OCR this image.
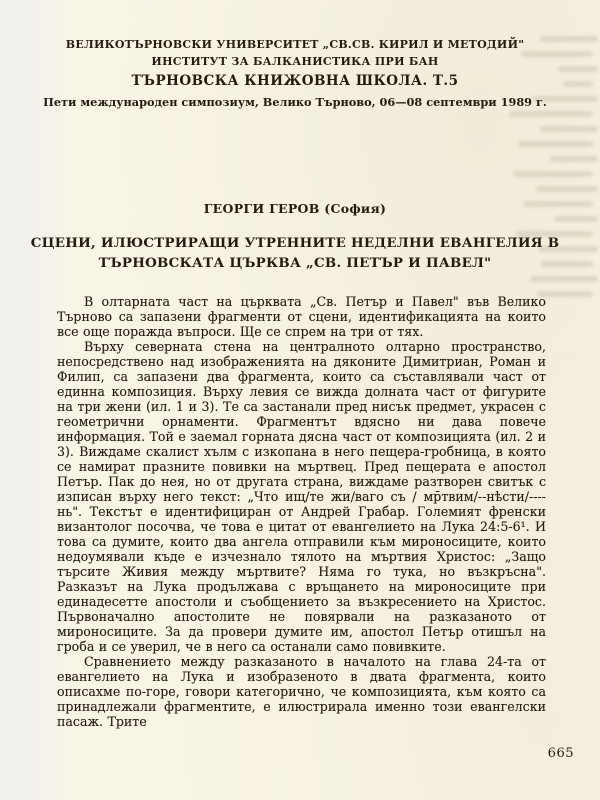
ВЕЛИКОТЪРНОВСКИ УНИВЕРСИТЕТ „СВ.СВ. КИРИЛ И МЕТОДИЙ"
ИНСТИТУТ ЗА БАЛКАНИСТИКА ПРИ БАН
ТЪРНОВСКА КНИЖОВНА ШКОЛА. Т.5
Пети международен симпозиум, Велико Търново, 06—08 септември 1989 г.
ГЕОРГИ ГЕРОВ (София)
СЦЕНИ, ИЛЮСТРИРАЩИ УТРЕННИТЕ НЕДЕЛНИ ЕВАНГЕЛИЯ В
ТЪРНОВСКАТА ЦЪРКВА „СВ. ПЕТЪР И ПАВЕЛ"

В олтарната част на църквата „Св. Петър и Павел" във Велико Търново са запазени фрагменти от сцени, идентификацията на които все още поражда въпроси. Ще се спрем на три от тях.

Върху северната стена на централното олтарно пространство, непосредствено над изображенията на дяконите Димитриан, Роман и Филип, са запазени два фрагмента, които са съставлявали част от единна композиция. Върху левия се вижда долната част от фигурите на три жени (ил. 1 и 3). Те са застанали пред нисък предмет, украсен с геометрични орнаменти. Фрагментът вдясно ни дава повече информация. Той е заемал горната дясна част от композицията (ил. 2 и 3). Виждаме скалист хълм с изкопана в него пещера-гробница, в която се намират празните повивки на мъртвец. Пред пещерата е апостол Петър. Пак до нея, но от другата страна, виждаме разтворен свитък с изписан върху него текст: „Что ищ/те жи/ваго съ / мр̄твим/--нѣсти/----нь". Текстът е идентифициран от Андрей Грабар. Големият френски византолог посочва, че това е цитат от евангелието на Лука 24:5-6¹. И това са думите, които два ангела отправили към мироносиците, които недоумявали къде е изчезнало тялото на мъртвия Христос: „Защо търсите Живия между мъртвите? Няма го тука, но възкръсна". Разказът на Лука продължава с връщането на мироносиците при единадесетте апостоли и съобщението за възкресението на Христос. Първоначално апостолите не повярвали на разказаното от мироносиците. За да провери думите им, апостол Петър отишъл на гроба и се уверил, че в него са останали само повивките.

Сравнението между разказаното в началото на глава 24-та от евангелието на Лука и изобразеното в двата фрагмента, които описахме по-горе, говори категорично, че композицията, към която са принадлежали фрагментите, е илюстрирала именно този евангелски пасаж. Трите

665
